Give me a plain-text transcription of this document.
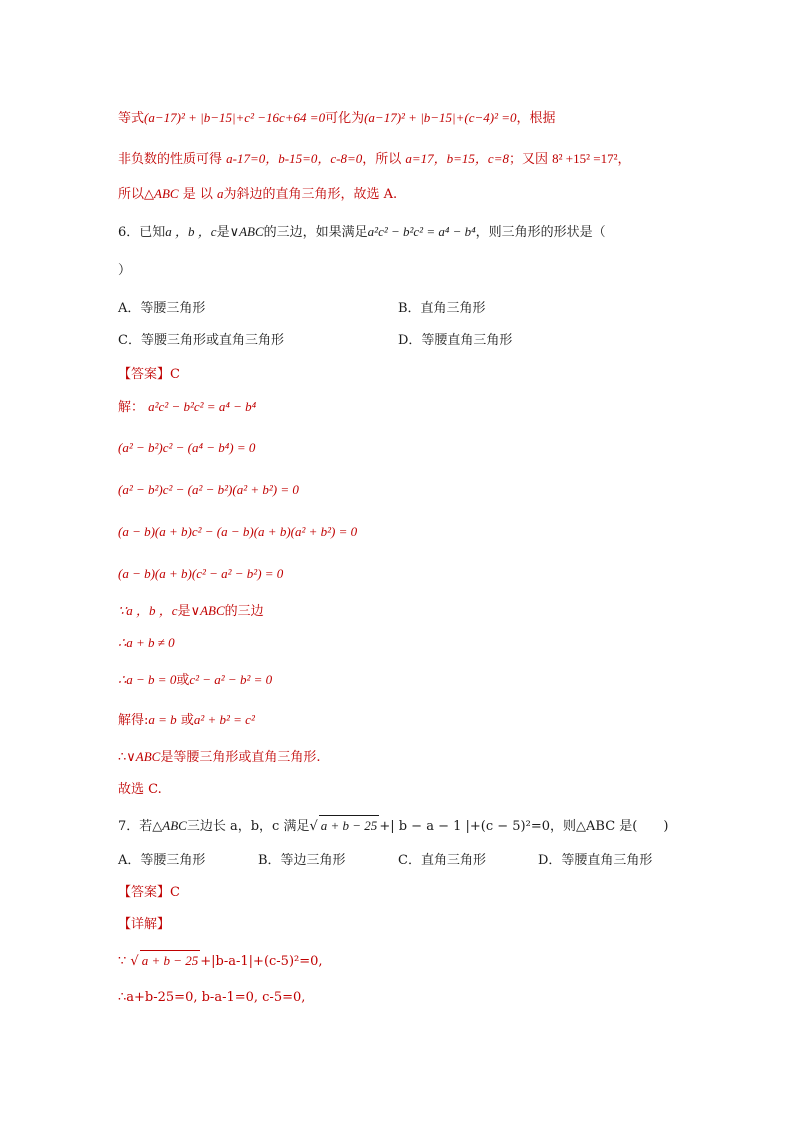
等式(a−17)² + |b−15|+c² −16c+64 =0可化为(a−17)² + |b−15|+(c−4)² =0，根据
非负数的性质可得 a-17=0，b-15=0，c-8=0，所以 a=17，b=15，c=8；又因 8² +15² =17²，
所以△ABC 是 以 a为斜边的直角三角形，故选 A.
6．已知a ，b ，c是∨ABC的三边，如果满足a²c² − b²c² = a⁴ − b⁴，则三角形的形状是（
）
A．等腰三角形	B．直角三角形
C．等腰三角形或直角三角形	D．等腰直角三角形
【答案】C
解： a²c² − b²c² = a⁴ − b⁴
(a² − b²)c² − (a⁴ − b⁴) = 0
(a² − b²)c² − (a² − b²)(a² + b²) = 0
(a − b)(a + b)c² − (a − b)(a + b)(a² + b²) = 0
(a − b)(a + b)(c² − a² − b²) = 0
∵a ，b ，c是∨ABC的三边
∴a + b ≠ 0
∴a − b = 0或c² − a² − b² = 0
解得:a = b 或a² + b² = c²
∴∨ABC是等腰三角形或直角三角形.
故选 C.
7．若△ABC三边长 a，b，c 满足√ a + b − 25 +| b − a − 1 |+(c − 5)²=0，则△ABC 是(　　)
A．等腰三角形	B．等边三角形	C．直角三角形	D．等腰直角三角形
【答案】C
【详解】
∵ √ a + b − 25 +|b-a-1|+(c-5)²=0,
∴a+b-25=0, b-a-1=0, c-5=0,
